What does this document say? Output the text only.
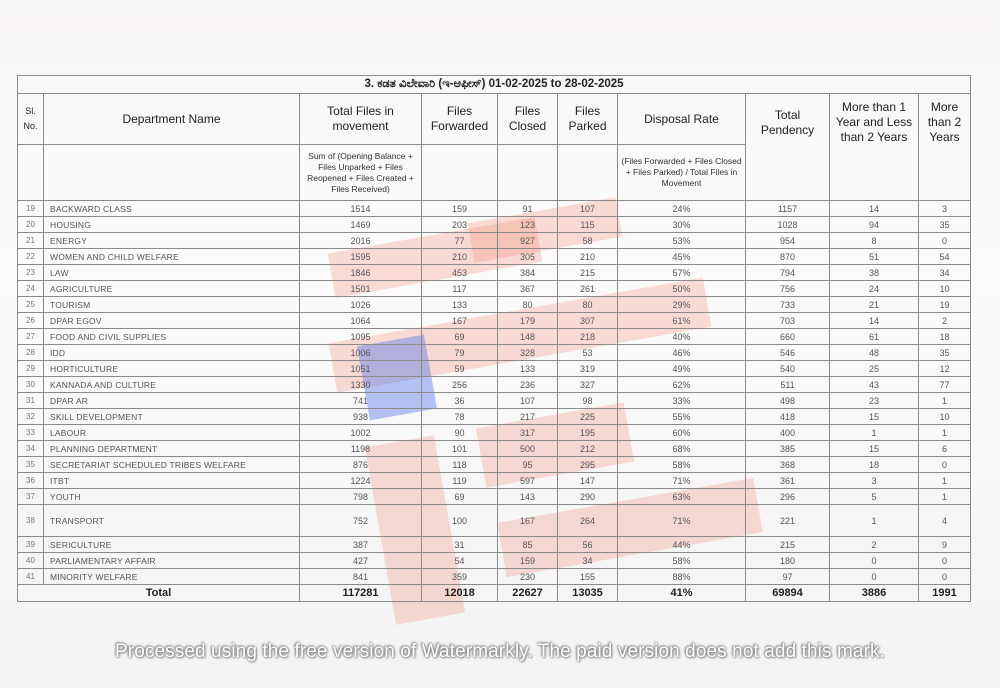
3. ಕಡತ ವಿಲೇವಾರಿ (ಇ-ಆಫೀಸ್) 01-02-2025 to 28-02-2025									
Sl. No.	Department Name	Total Files in movement	Files Forwarded	Files Closed	Files Parked	Disposal Rate	Total Pendency	More than 1 Year and Less than 2 Years	More than 2 Years
		Sum of (Opening Balance + Files Unparked + Files Reopened + Files Created + Files Received)				(Files Forwarded + Files Closed + Files Parked) / Total Files in Movement			
19	BACKWARD CLASS	1514	159	91	107	24%	1157	14	3
20	HOUSING	1469	203	123	115	30%	1028	94	35
21	ENERGY	2016	77	927	58	53%	954	8	0
22	WOMEN AND CHILD WELFARE	1595	210	305	210	45%	870	51	54
23	LAW	1846	453	384	215	57%	794	38	34
24	AGRICULTURE	1501	117	367	261	50%	756	24	10
25	TOURISM	1026	133	80	80	29%	733	21	19
26	DPAR EGOV	1064	167	179	307	61%	703	14	2
27	FOOD AND CIVIL SUPPLIES	1095	69	148	218	40%	660	61	18
28	IDD	1006	79	328	53	46%	546	48	35
29	HORTICULTURE	1051	59	133	319	49%	540	25	12
30	KANNADA AND CULTURE	1330	256	236	327	62%	511	43	77
31	DPAR AR	741	36	107	98	33%	498	23	1
32	SKILL DEVELOPMENT	938	78	217	225	55%	418	15	10
33	LABOUR	1002	90	317	195	60%	400	1	1
34	PLANNING DEPARTMENT	1198	101	500	212	68%	385	15	6
35	SECRETARIAT SCHEDULED TRIBES WELFARE	876	118	95	295	58%	368	18	0
36	ITBT	1224	119	597	147	71%	361	3	1
37	YOUTH	798	69	143	290	63%	296	5	1
38	TRANSPORT	752	100	167	264	71%	221	1	4
39	SERICULTURE	387	31	85	56	44%	215	2	9
40	PARLIAMENTARY AFFAIR	427	54	159	34	58%	180	0	0
41	MINORITY WELFARE	841	359	230	155	88%	97	0	0
Total		117281	12018	22627	13035	41%	69894	3886	1991
Processed using the free version of Watermarkly. The paid version does not add this mark.
